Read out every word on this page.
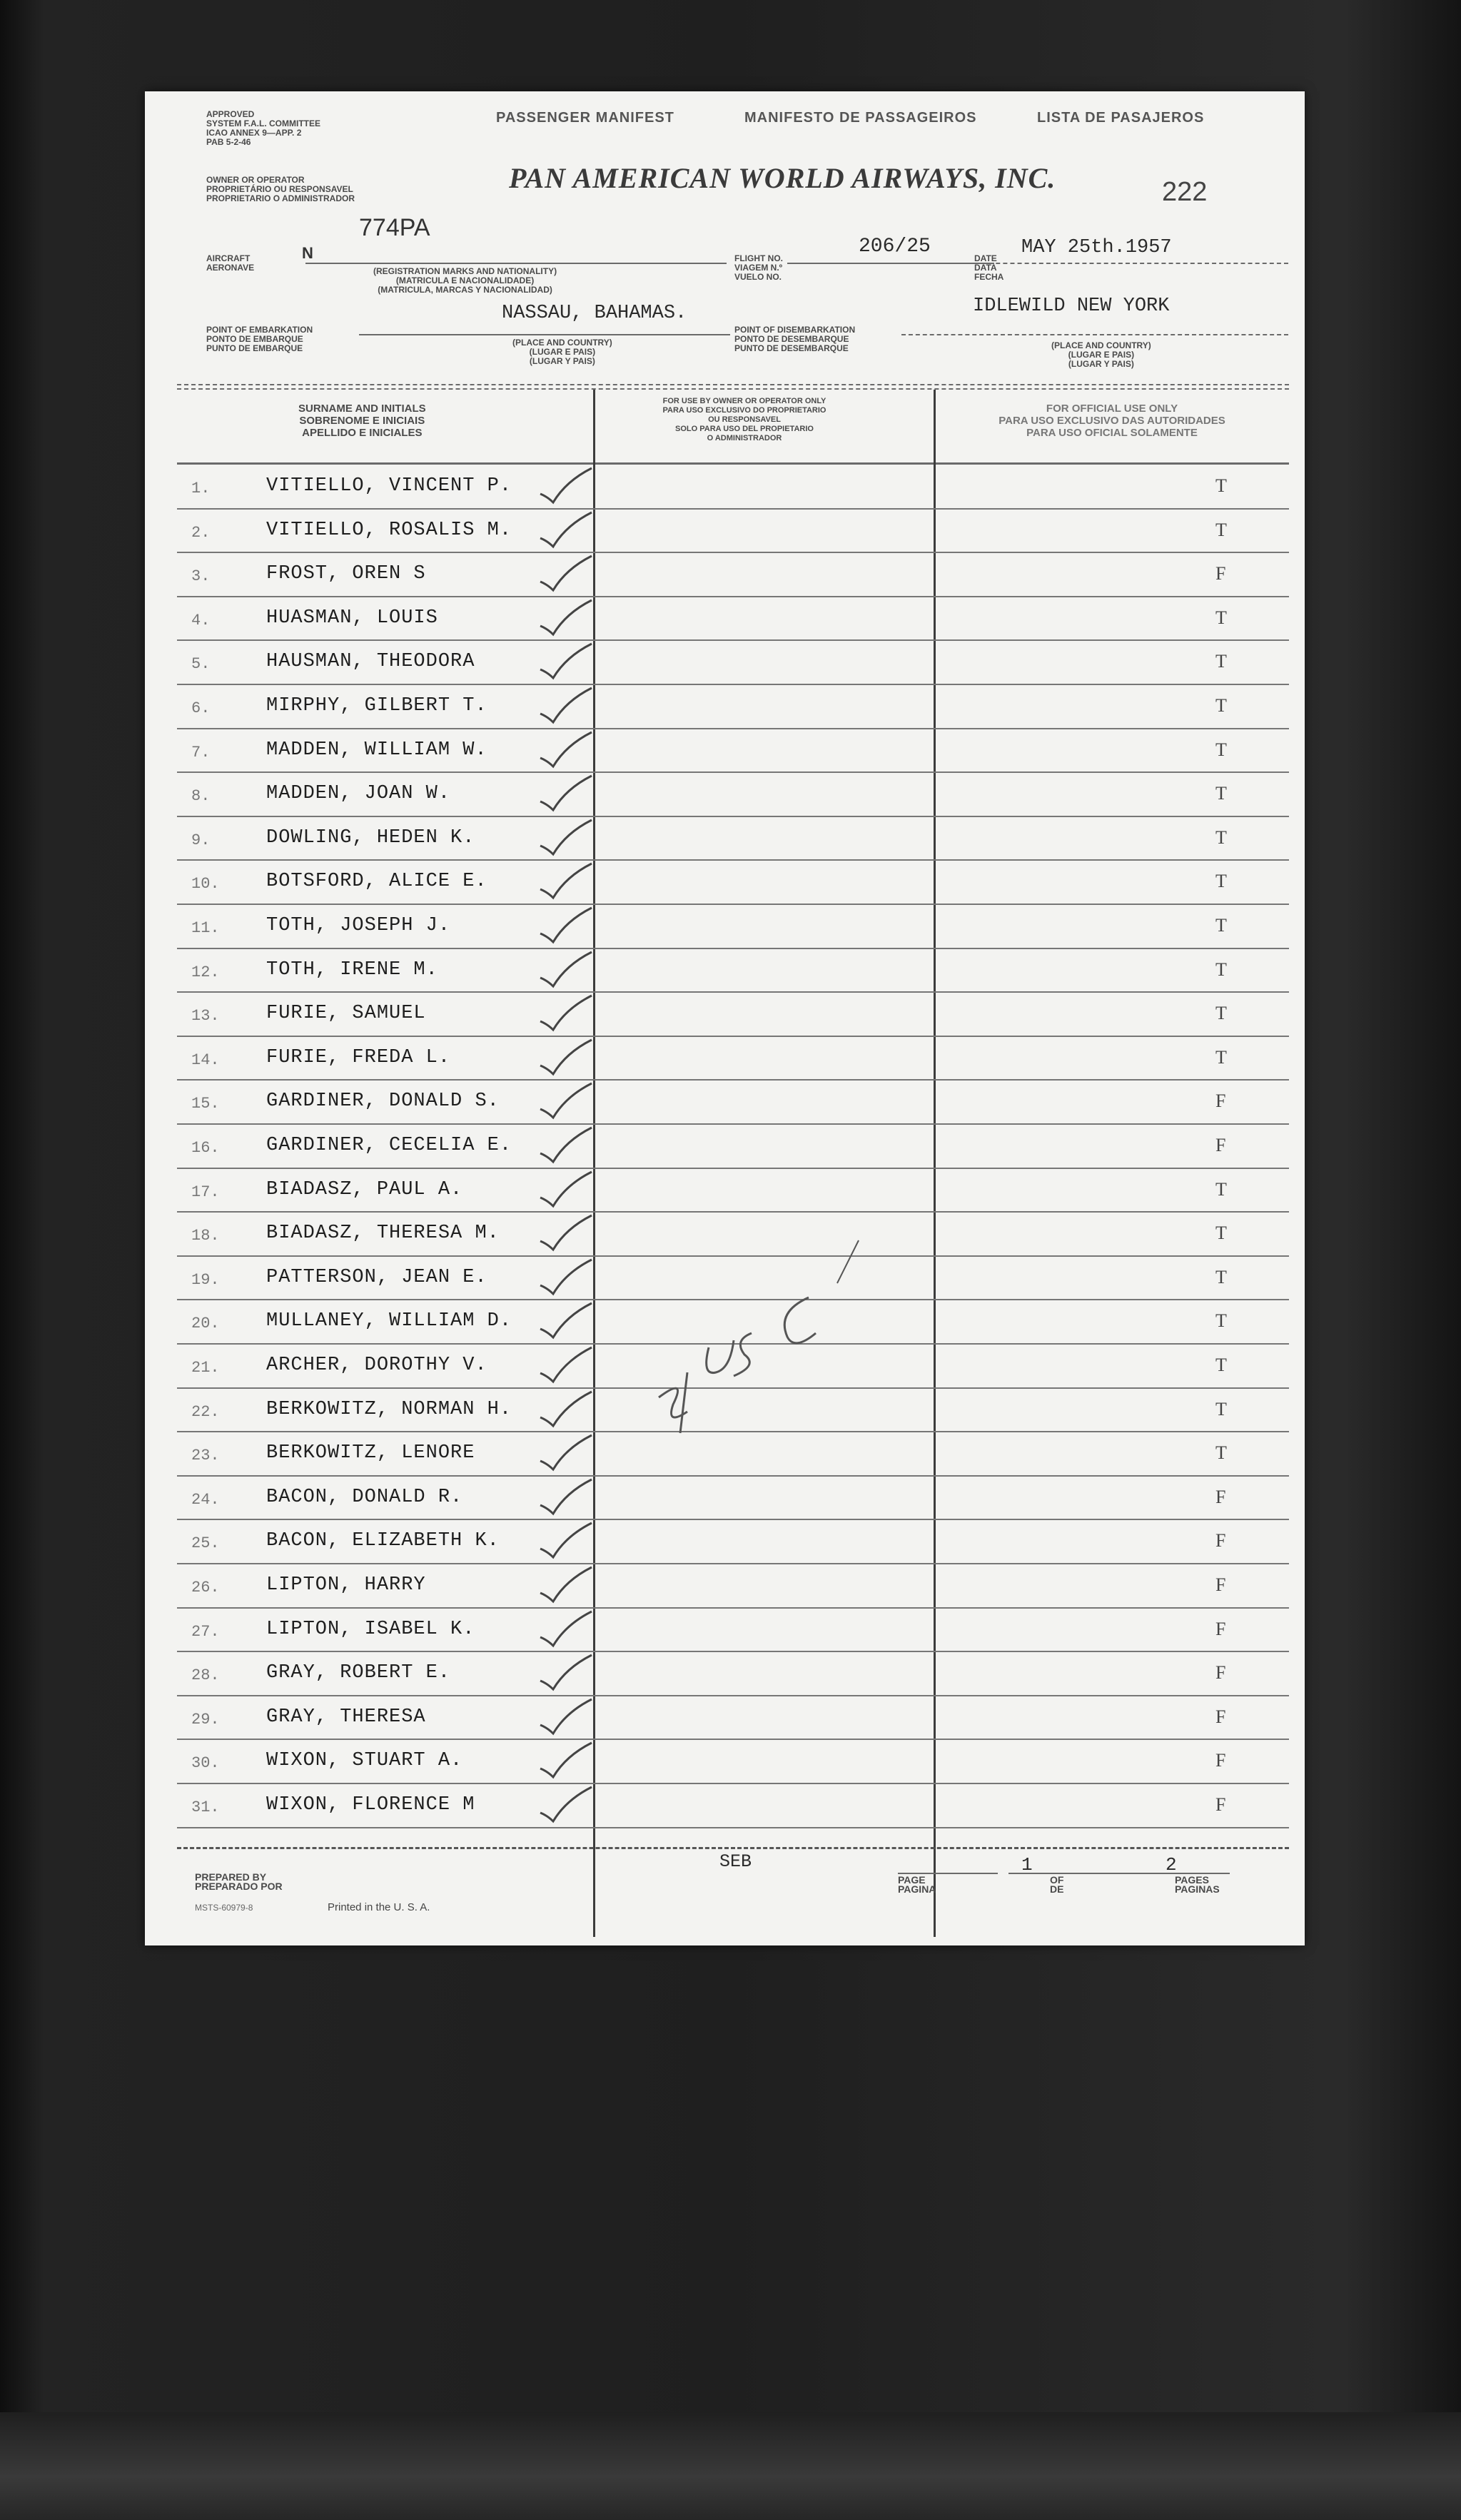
APPROVED
SYSTEM F.A.L. COMMITTEE
ICAO ANNEX 9—APP. 2
PAB 5-2-46
PASSENGER MANIFEST	MANIFESTO DE PASSAGEIROS	LISTA DE PASAJEROS
OWNER OR OPERATOR
PROPRIETÁRIO OU RESPONSAVEL
PROPRIETARIO O ADMINISTRADOR
PAN AMERICAN WORLD AIRWAYS, INC.	222
774PA
AIRCRAFT
AERONAVE
N
(REGISTRATION MARKS AND NATIONALITY)
(MATRICULA E NACIONALIDADE)
(MATRICULA, MARCAS Y NACIONALIDAD)
FLIGHT NO.
VIAGEM N.º
VUELO NO.
206/25
DATE
DATA
FECHA
MAY 25th.1957
NASSAU, BAHAMAS.
POINT OF EMBARKATION
PONTO DE EMBARQUE
PUNTO DE EMBARQUE
(PLACE AND COUNTRY)
(LUGAR E PAIS)
(LUGAR Y PAIS)
IDLEWILD NEW YORK
POINT OF DISEMBARKATION
PONTO DE DESEMBARQUE
PUNTO DE DESEMBARQUE	(PLACE AND COUNTRY)
(LUGAR E PAIS)
(LUGAR Y PAIS)
SURNAME AND INITIALS
SOBRENOME E INICIAIS
APELLIDO E INICIALES
FOR USE BY OWNER OR OPERATOR ONLY
PARA USO EXCLUSIVO DO PROPRIETARIO
OU RESPONSAVEL
SOLO PARA USO DEL PROPIETARIO
O ADMINISTRADOR
FOR OFFICIAL USE ONLY
PARA USO EXCLUSIVO DAS AUTORIDADES
PARA USO OFICIAL SOLAMENTE
1.	VITIELLO, VINCENT P.	T
2.	VITIELLO, ROSALIS M.	T
3.	FROST, OREN S	F
4.	HUASMAN, LOUIS	T
5.	HAUSMAN, THEODORA	T
6.	MIRPHY, GILBERT T.	T
7.	MADDEN, WILLIAM W.	T
8.	MADDEN, JOAN W.	T
9.	DOWLING, HEDEN K.	T
10. BOTSFORD, ALICE E.	T
11. TOTH, JOSEPH J.	T
12. TOTH, IRENE M.	T
13. FURIE, SAMUEL	T
14. FURIE, FREDA L.	T
15. GARDINER, DONALD S.	F
16. GARDINER, CECELIA E.	F
17. BIADASZ, PAUL A.	T
18. BIADASZ, THERESA M.	T
19. PATTERSON, JEAN E.	T
20. MULLANEY, WILLIAM D.	T
21. ARCHER, DOROTHY V.	T
22. BERKOWITZ, NORMAN H.	T
23. BERKOWITZ, LENORE	T
24. BACON, DONALD R.	F
25. BACON, ELIZABETH K.	F
26. LIPTON, HARRY	F
27. LIPTON, ISABEL K.	F
28. GRAY, ROBERT E.	F
29. GRAY, THERESA	F
30. WIXON, STUART A.	F
31. WIXON, FLORENCE M	F
31 US C
PREPARED BY
PREPARADO POR
SEB
MSTS-60979-8	Printed in the U. S. A.
PAGE
PAGINA
1
OF
DE
2
PAGES
PAGINAS
